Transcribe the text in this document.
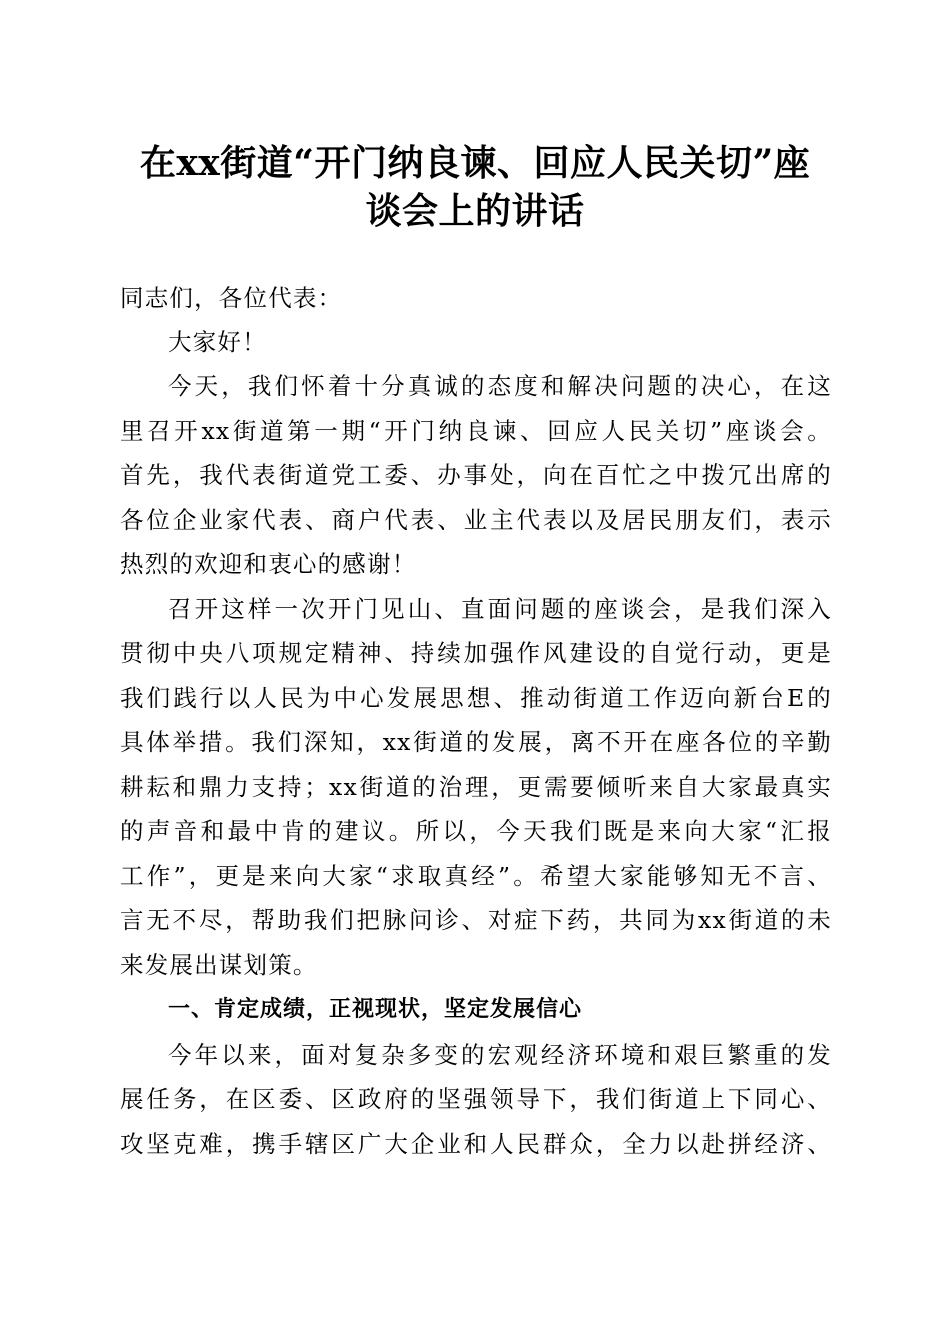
在xx街道“开门纳良谏、回应人民关切”座
谈会上的讲话
同志们，各位代表：
大家好！
今天，我们怀着十分真诚的态度和解决问题的决心，在这
里召开xx街道第一期“开门纳良谏、回应人民关切”座谈会。
首先，我代表街道党工委、办事处，向在百忙之中拨冗出席的
各位企业家代表、商户代表、业主代表以及居民朋友们，表示
热烈的欢迎和衷心的感谢！
召开这样一次开门见山、直面问题的座谈会，是我们深入
贯彻中央八项规定精神、持续加强作风建设的自觉行动，更是
我们践行以人民为中心发展思想、推动街道工作迈向新台E的
具体举措。我们深知，xx街道的发展，离不开在座各位的辛勤
耕耘和鼎力支持；xx街道的治理，更需要倾听来自大家最真实
的声音和最中肯的建议。所以，今天我们既是来向大家“汇报
工作”，更是来向大家“求取真经”。希望大家能够知无不言、
言无不尽，帮助我们把脉问诊、对症下药，共同为xx街道的未
来发展出谋划策。
一、肯定成绩，正视现状，坚定发展信心
今年以来，面对复杂多变的宏观经济环境和艰巨繁重的发
展任务，在区委、区政府的坚强领导下，我们街道上下同心、
攻坚克难，携手辖区广大企业和人民群众，全力以赴拼经济、
